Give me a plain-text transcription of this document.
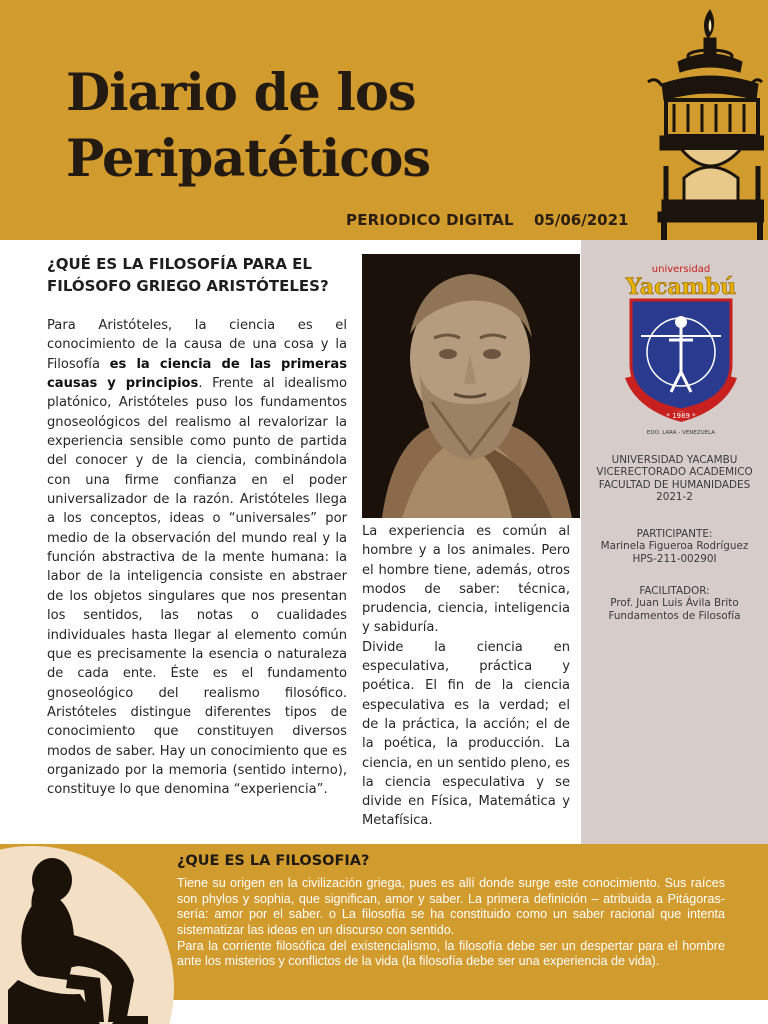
Diario de los
Peripatéticos
PERIODICO DIGITAL 05/06/2021
¿QUÉ ES LA FILOSOFÍA PARA EL FILÓSOFO GRIEGO ARISTÓTELES?
Para Aristóteles, la ciencia es el conocimiento de la causa de una cosa y la Filosofía es la ciencia de las primeras causas y principios. Frente al idealismo platónico, Aristóteles puso los fundamentos gnoseológicos del realismo al revalorizar la experiencia sensible como punto de partida del conocer y de la ciencia, combinándola con una firme confianza en el poder universalizador de la razón. Aristóteles llega a los conceptos, ideas o “universales” por medio de la observación del mundo real y la función abstractiva de la mente humana: la labor de la inteligencia consiste en abstraer de los objetos singulares que nos presentan los sentidos, las notas o cualidades individuales hasta llegar al elemento común que es precisamente la esencia o naturaleza de cada ente. Éste es el fundamento gnoseológico del realismo filosófico. Aristóteles distingue diferentes tipos de conocimiento que constituyen diversos modos de saber. Hay un conocimiento que es organizado por la memoria (sentido interno), constituye lo que denomina “experiencia”.

La experiencia es común al hombre y a los animales. Pero el hombre tiene, además, otros modos de saber: técnica, prudencia, ciencia, inteligencia y sabiduría.

Divide la ciencia en especulativa, práctica y poética. El fin de la ciencia especulativa es la verdad; el de la práctica, la acción; el de la poética, la producción. La ciencia, en un sentido pleno, es la ciencia especulativa y se divide en Física, Matemática y Metafísica.

universidad
Yacambú
* 1989 *
EDO. LARA - VENEZUELA
UNIVERSIDAD YACAMBU
VICERECTORADO ACADEMICO
FACULTAD DE HUMANIDADES
2021-2
PARTICIPANTE:
Marinela Figueroa Rodríguez
HPS-211-00290I
FACILITADOR:
Prof. Juan Luis Ávila Brito
Fundamentos de Filosofía
¿QUE ES LA FILOSOFIA?
Tiene su origen en la civilización griega, pues es allí donde surge este conocimiento. Sus raíces son phylos y sophia, que significan, amor y saber. La primera definición – atribuida a Pitágoras- sería: amor por el saber. o La filosofía se ha constituido como un saber racional que intenta sistematizar las ideas en un discurso con sentido.
Para la corriente filosófica del existencialismo, la filosofía debe ser un despertar para el hombre ante los misterios y conflictos de la vida (la filosofía debe ser una experiencia de vida).
